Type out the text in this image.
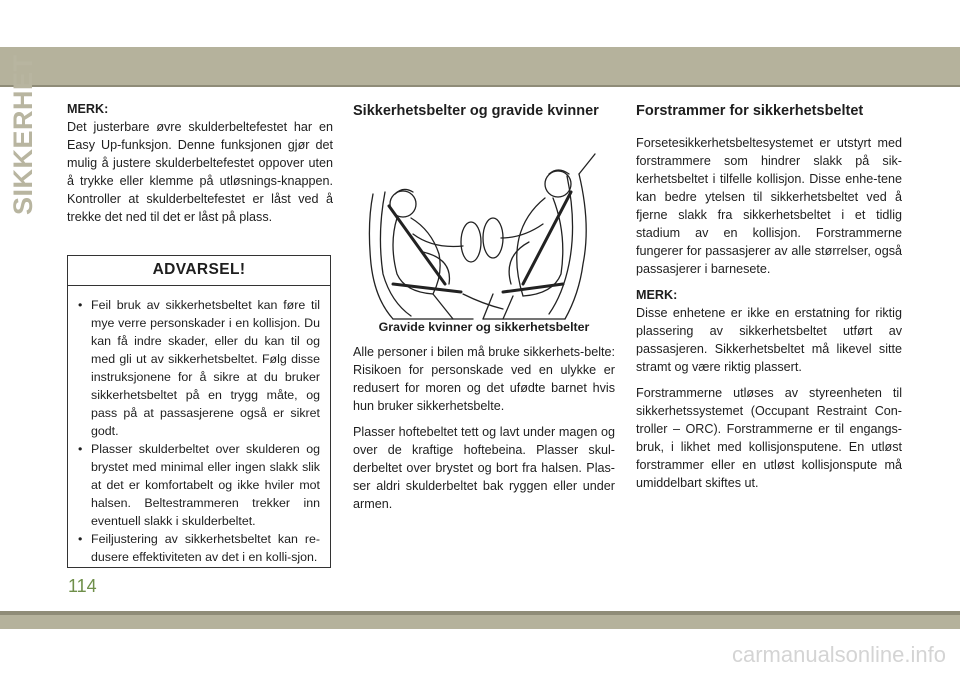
SIKKERHET MERK:

Det justerbare øvre skulderbeltefestet har en Easy Up-funksjon. Denne funksjonen gjør det mulig å justere skulderbeltefestet oppover uten å trykke eller klemme på utløsnings-knappen. Kontroller at skulderbeltefestet er låst ved å trekke det ned til det er låst på plass.

ADVARSEL!
• Feil bruk av sikkerhetsbeltet kan føre til mye verre personskader i en kollisjon. Du kan få indre skader, eller du kan til og med gli ut av sikkerhetsbeltet. Følg disse instruksjonene for å sikre at du bruker sikkerhetsbeltet på en trygg måte, og pass på at passasjerene også er sikret godt.
• Plasser skulderbeltet over skulderen og brystet med minimal eller ingen slakk slik at det er komfortabelt og ikke hviler mot halsen. Beltestrammeren trekker inn eventuell slakk i skulderbeltet.
• Feiljustering av sikkerhetsbeltet kan re-dusere effektiviteten av det i en kolli-sjon.
Sikkerhetsbelter og gravide kvinner
Gravide kvinner og sikkerhetsbelter

Alle personer i bilen må bruke sikkerhets-belte: Risikoen for personskade ved en ulykke er redusert for moren og det ufødte barnet hvis hun bruker sikkerhetsbelte.

Plasser hoftebeltet tett og lavt under magen og over de kraftige hoftebeina. Plasser skul-derbeltet over brystet og bort fra halsen. Plas-ser aldri skulderbeltet bak ryggen eller under armen.

Forstrammer for sikkerhetsbeltet

Forsetesikkerhetsbeltesystemet er utstyrt med forstrammere som hindrer slakk på sik-kerhetsbeltet i tilfelle kollisjon. Disse enhe-tene kan bedre ytelsen til sikkerhetsbeltet ved å fjerne slakk fra sikkerhetsbeltet i et tidlig stadium av en kollisjon. Forstrammerne fungerer for passasjerer av alle størrelser, også passasjerer i barnesete.

MERK:

Disse enhetene er ikke en erstatning for riktig plassering av sikkerhetsbeltet utført av passasjeren. Sikkerhetsbeltet må likevel sitte stramt og være riktig plassert.

Forstrammerne utløses av styreenheten til sikkerhetssystemet (Occupant Restraint Con-troller – ORC). Forstrammerne er til engangs-bruk, i likhet med kollisjonsputene. En utløst forstrammer eller en utløst kollisjonspute må umiddelbart skiftes ut.

114
carmanualsonline.info
